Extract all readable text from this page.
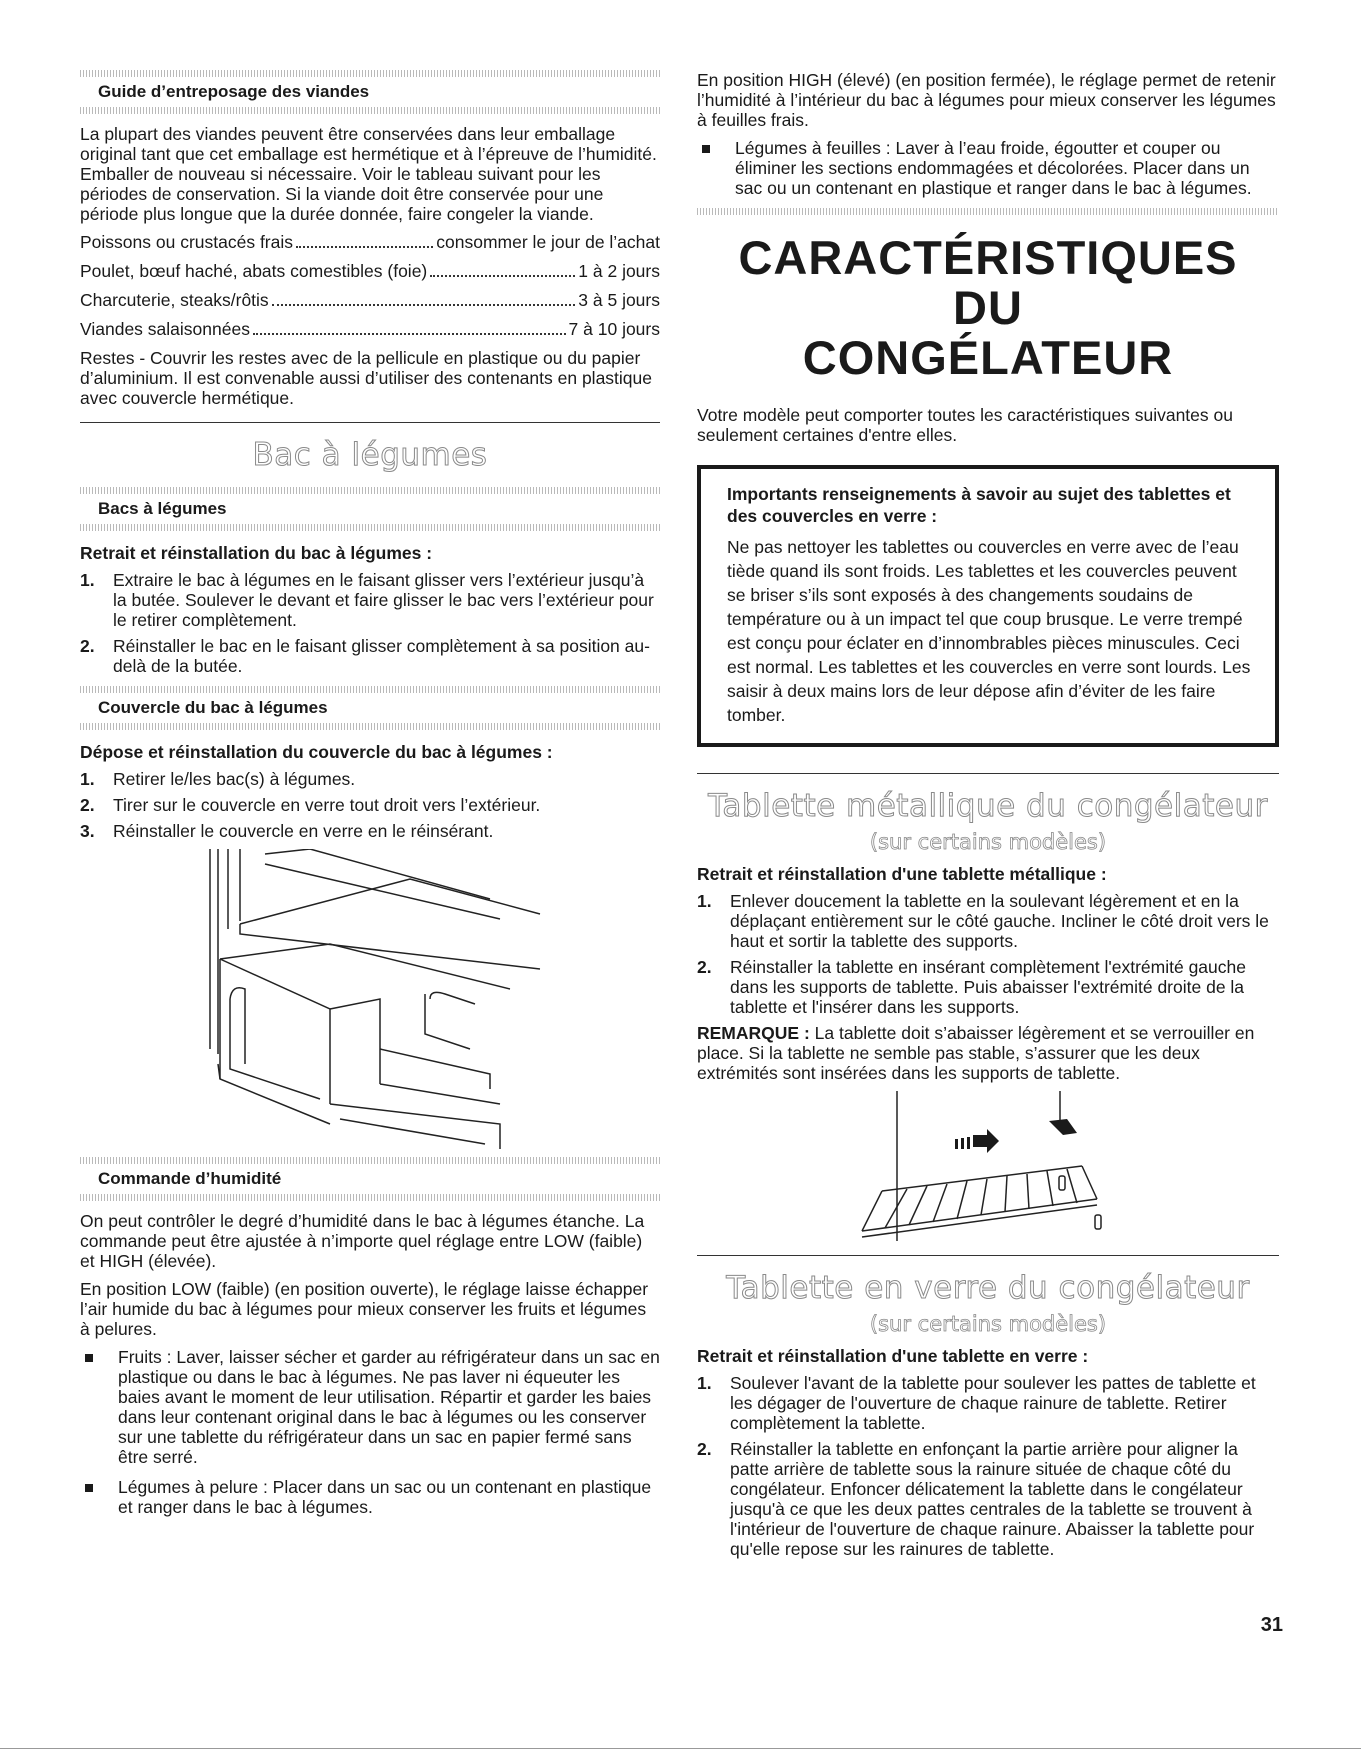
Guide d’entreposage des viandes

La plupart des viandes peuvent être conservées dans leur emballage original tant que cet emballage est hermétique et à l’épreuve de l’humidité. Emballer de nouveau si nécessaire. Voir le tableau suivant pour les périodes de conservation. Si la viande doit être conservée pour une période plus longue que la durée donnée, faire congeler la viande.

Poissons ou crustacés frais	consommer le jour de l’achat
Poulet, bœuf haché, abats comestibles (foie)	1 à 2 jours
Charcuterie, steaks/rôtis	3 à 5 jours
Viandes salaisonnées	7 à 10 jours

Restes - Couvrir les restes avec de la pellicule en plastique ou du papier d’aluminium. Il est convenable aussi d’utiliser des contenants en plastique avec couvercle hermétique.

Bac à légumes
Bacs à légumes
Retrait et réinstallation du bac à légumes :
1. Extraire le bac à légumes en le faisant glisser vers l’extérieur jusqu’à la butée. Soulever le devant et faire glisser le bac vers l’extérieur pour le retirer complètement.
2. Réinstaller le bac en le faisant glisser complètement à sa position au-delà de la butée.
Couvercle du bac à légumes
Dépose et réinstallation du couvercle du bac à légumes :
1. Retirer le/les bac(s) à légumes.
2. Tirer sur le couvercle en verre tout droit vers l’extérieur.
3. Réinstaller le couvercle en verre en le réinsérant.
Commande d’humidité

On peut contrôler le degré d’humidité dans le bac à légumes étanche. La commande peut être ajustée à n’importe quel réglage entre LOW (faible) et HIGH (élevée).

En position LOW (faible) (en position ouverte), le réglage laisse échapper l’air humide du bac à légumes pour mieux conserver les fruits et légumes à pelures.

Fruits : Laver, laisser sécher et garder au réfrigérateur dans un sac en plastique ou dans le bac à légumes. Ne pas laver ni équeuter les baies avant le moment de leur utilisation. Répartir et garder les baies dans leur contenant original dans le bac à légumes ou les conserver sur une tablette du réfrigérateur dans un sac en papier fermé sans être serré.
Légumes à pelure : Placer dans un sac ou un contenant en plastique et ranger dans le bac à légumes.

En position HIGH (élevé) (en position fermée), le réglage permet de retenir l’humidité à l’intérieur du bac à légumes pour mieux conserver les légumes à feuilles frais.

Légumes à feuilles : Laver à l’eau froide, égoutter et couper ou éliminer les sections endommagées et décolorées. Placer dans un sac ou un contenant en plastique et ranger dans le bac à légumes.
CARACTÉRISTIQUES DU
CONGÉLATEUR

Votre modèle peut comporter toutes les caractéristiques suivantes ou seulement certaines d'entre elles.

Importants renseignements à savoir au sujet des tablettes et des couvercles en verre :

Ne pas nettoyer les tablettes ou couvercles en verre avec de l’eau tiède quand ils sont froids. Les tablettes et les couvercles peuvent se briser s’ils sont exposés à des changements soudains de température ou à un impact tel que coup brusque. Le verre trempé est conçu pour éclater en d’innombrables pièces minuscules. Ceci est normal. Les tablettes et les couvercles en verre sont lourds. Les saisir à deux mains lors de leur dépose afin d’éviter de les faire tomber.

Tablette métallique du congélateur
(sur certains modèles)
Retrait et réinstallation d'une tablette métallique :
1. Enlever doucement la tablette en la soulevant légèrement et en la déplaçant entièrement sur le côté gauche. Incliner le côté droit vers le haut et sortir la tablette des supports.
2. Réinstaller la tablette en insérant complètement l'extrémité gauche dans les supports de tablette. Puis abaisser l'extrémité droite de la tablette et l'insérer dans les supports.

REMARQUE : La tablette doit s’abaisser légèrement et se verrouiller en place. Si la tablette ne semble pas stable, s’assurer que les deux extrémités sont insérées dans les supports de tablette.

Tablette en verre du congélateur
(sur certains modèles)
Retrait et réinstallation d'une tablette en verre :
1. Soulever l'avant de la tablette pour soulever les pattes de tablette et les dégager de l'ouverture de chaque rainure de tablette. Retirer complètement la tablette.
2. Réinstaller la tablette en enfonçant la partie arrière pour aligner la patte arrière de tablette sous la rainure située de chaque côté du congélateur. Enfoncer délicatement la tablette dans le congélateur jusqu'à ce que les deux pattes centrales de la tablette se trouvent à l'intérieur de l'ouverture de chaque rainure. Abaisser la tablette pour qu'elle repose sur les rainures de tablette.
31
